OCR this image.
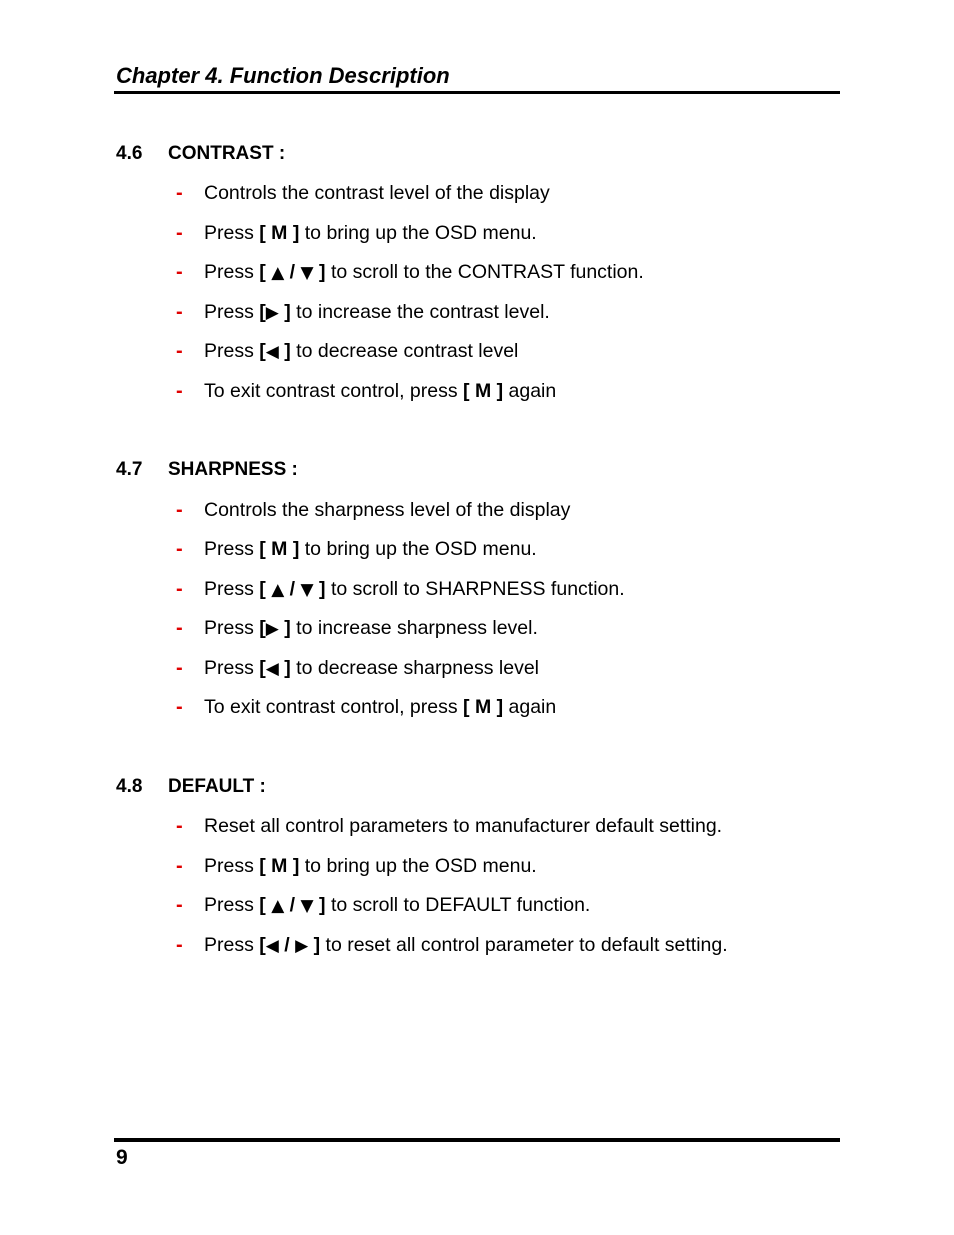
Chapter 4. Function Description
4.6 CONTRAST :
- Controls the contrast level of the display
- Press [ M ] to bring up the OSD menu.
- Press [ ▲ / ▼ ] to scroll to the CONTRAST function.
- Press [▶ ] to increase the contrast level.
- Press [◀ ] to decrease contrast level
- To exit contrast control, press [ M ] again
4.7 SHARPNESS :
- Controls the sharpness level of the display
- Press [ M ] to bring up the OSD menu.
- Press [ ▲ / ▼ ] to scroll to SHARPNESS function.
- Press [▶ ] to increase sharpness level.
- Press [◀ ] to decrease sharpness level
- To exit contrast control, press [ M ] again
4.8 DEFAULT :
- Reset all control parameters to manufacturer default setting.
- Press [ M ] to bring up the OSD menu.
- Press [ ▲ / ▼ ] to scroll to DEFAULT function.
- Press [◀ / ▶ ] to reset all control parameter to default setting.
9
